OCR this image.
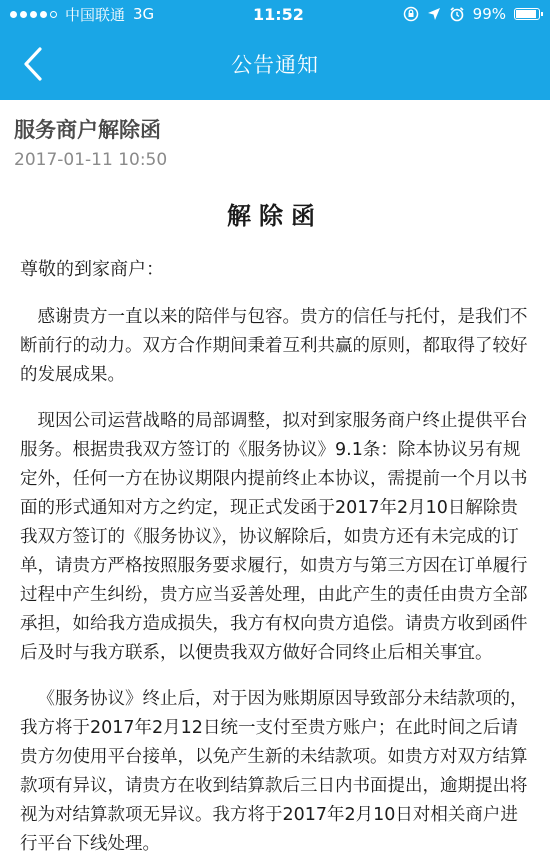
中国联通 3G	11:52	99%
公告通知
服务商户解除函
2017-01-11 10:50
解除函
尊敬的到家商户：

感谢贵方一直以来的陪伴与包容。贵方的信任与托付，是我们不断前行的动力。双方合作期间秉着互利共赢的原则，都取得了较好的发展成果。

现因公司运营战略的局部调整，拟对到家服务商户终止提供平台服务。根据贵我双方签订的《服务协议》9.1条：除本协议另有规定外，任何一方在协议期限内提前终止本协议，需提前一个月以书面的形式通知对方之约定，现正式发函于2017年2月10日解除贵我双方签订的《服务协议》，协议解除后，如贵方还有未完成的订单，请贵方严格按照服务要求履行，如贵方与第三方因在订单履行过程中产生纠纷，贵方应当妥善处理，由此产生的责任由贵方全部承担，如给我方造成损失，我方有权向贵方追偿。请贵方收到函件后及时与我方联系，以便贵我双方做好合同终止后相关事宜。

《服务协议》终止后，对于因为账期原因导致部分未结款项的，我方将于2017年2月12日统一支付至贵方账户；在此时间之后请贵方勿使用平台接单，以免产生新的未结款项。如贵方对双方结算款项有异议，请贵方在收到结算款后三日内书面提出，逾期提出将视为对结算款项无异议。我方将于2017年2月10日对相关商户进行平台下线处理。
